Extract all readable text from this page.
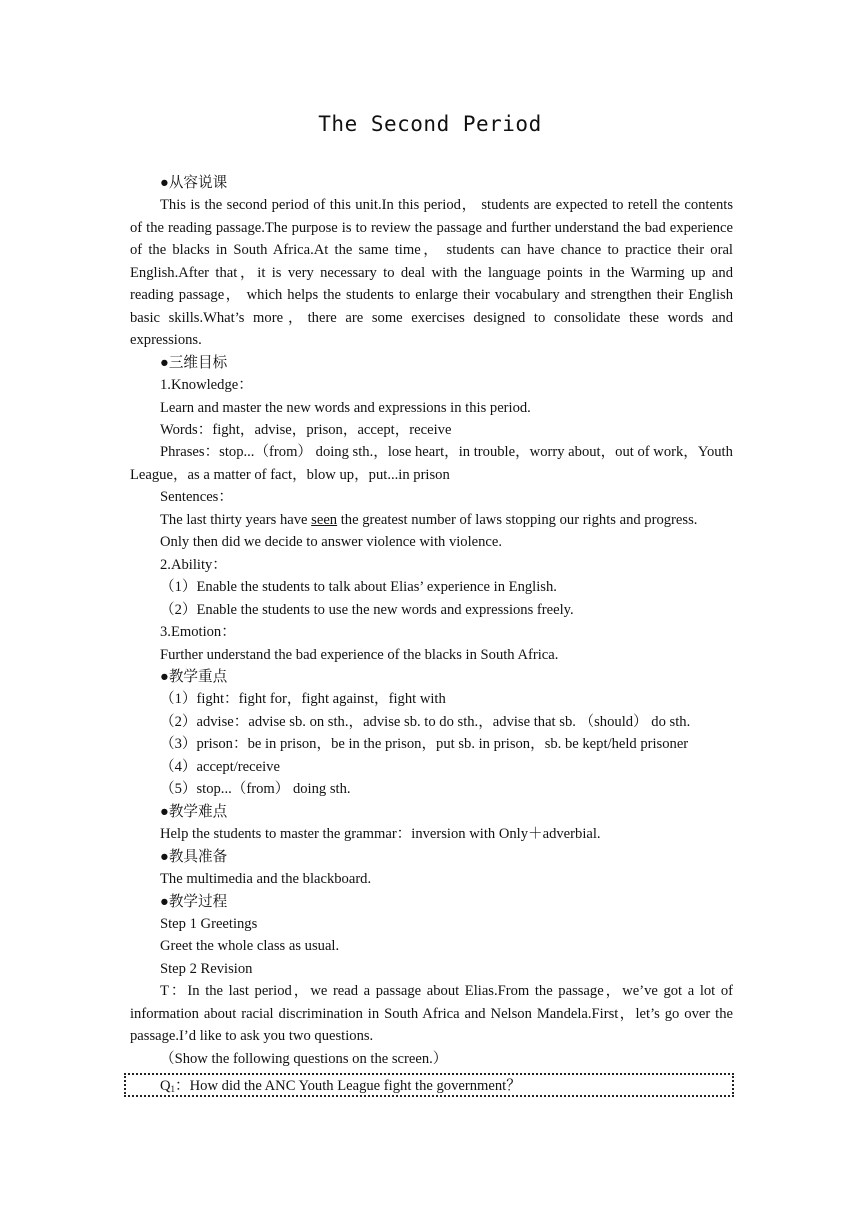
The Second Period

●从容说课

This is the second period of this unit.In this period， students are expected to retell the contents of the reading passage.The purpose is to review the passage and further understand the bad experience of the blacks in South Africa.At the same time， students can have chance to practice their oral English.After that，it is very necessary to deal with the language points in the Warming up and reading passage， which helps the students to enlarge their vocabulary and strengthen their English basic skills.What’s more，there are some exercises designed to consolidate these words and expressions.

●三维目标

1.Knowledge：

Learn and master the new words and expressions in this period.

Words：fight，advise，prison，accept，receive

Phrases：stop...（from） doing sth.，lose heart，in trouble，worry about，out of work，Youth League，as a matter of fact，blow up，put...in prison

Sentences：

The last thirty years have seen the greatest number of laws stopping our rights and progress.

Only then did we decide to answer violence with violence.

2.Ability：

（1）Enable the students to talk about Elias’ experience in English.

（2）Enable the students to use the new words and expressions freely.

3.Emotion：

Further understand the bad experience of the blacks in South Africa.

●教学重点

（1）fight：fight for，fight against，fight with

（2）advise：advise sb. on sth.，advise sb. to do sth.，advise that sb. （should） do sth.

（3）prison：be in prison，be in the prison，put sb. in prison，sb. be kept/held prisoner

（4）accept/receive

（5）stop...（from） doing sth.

●教学难点

Help the students to master the grammar：inversion with Only＋adverbial.

●教具准备

The multimedia and the blackboard.

●教学过程

Step 1 Greetings

Greet the whole class as usual.

Step 2 Revision

T：In the last period，we read a passage about Elias.From the passage，we’ve got a lot of information about racial discrimination in South Africa and Nelson Mandela.First，let’s go over the passage.I’d like to ask you two questions.

（Show the following questions on the screen.）

$Q_1$：How did the ANC Youth League fight the government？
